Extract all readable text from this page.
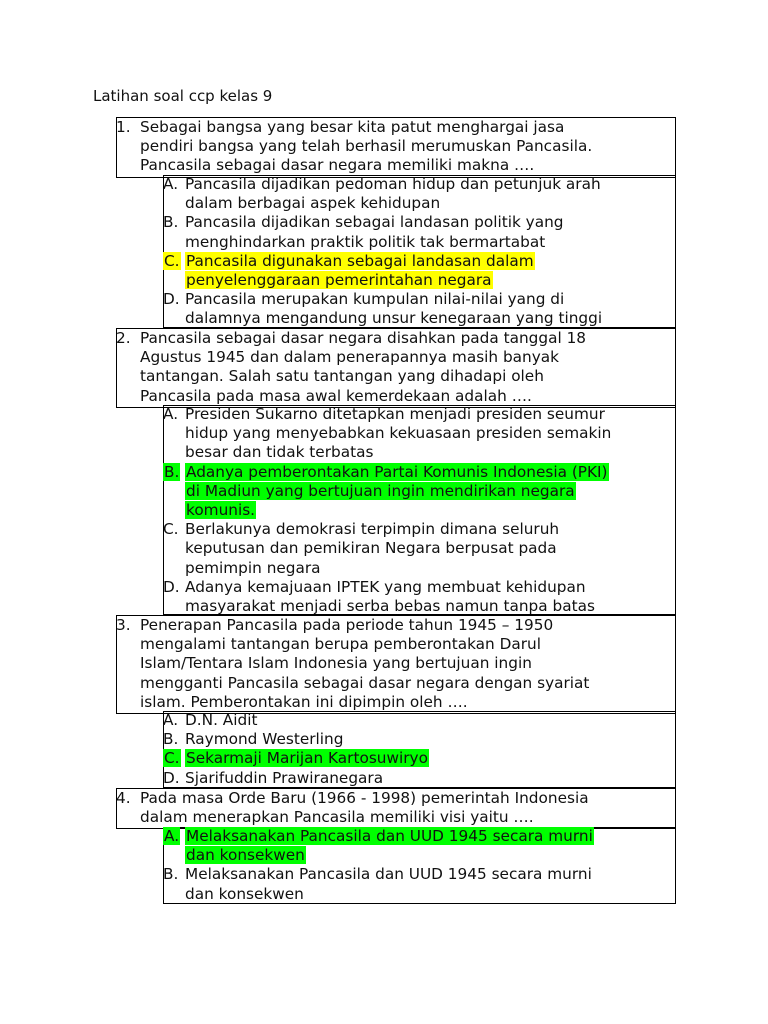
Latihan soal ccp kelas 9
1. Sebagai bangsa yang besar kita patut menghargai jasa
pendiri bangsa yang telah berhasil merumuskan Pancasila.
Pancasila sebagai dasar negara memiliki makna ….
A. Pancasila dijadikan pedoman hidup dan petunjuk arah
dalam berbagai aspek kehidupan
B. Pancasila dijadikan sebagai landasan politik yang
menghindarkan praktik politik tak bermartabat
C. Pancasila digunakan sebagai landasan dalam
penyelenggaraan pemerintahan negara
D. Pancasila merupakan kumpulan nilai-nilai yang di
dalamnya mengandung unsur kenegaraan yang tinggi
2. Pancasila sebagai dasar negara disahkan pada tanggal 18
Agustus 1945 dan dalam penerapannya masih banyak
tantangan. Salah satu tantangan yang dihadapi oleh
Pancasila pada masa awal kemerdekaan adalah ….
A. Presiden Sukarno ditetapkan menjadi presiden seumur
hidup yang menyebabkan kekuasaan presiden semakin
besar dan tidak terbatas
B. Adanya pemberontakan Partai Komunis Indonesia (PKI)
di Madiun yang bertujuan ingin mendirikan negara
komunis.
C. Berlakunya demokrasi terpimpin dimana seluruh
keputusan dan pemikiran Negara berpusat pada
pemimpin negara
D. Adanya kemajuaan IPTEK yang membuat kehidupan
masyarakat menjadi serba bebas namun tanpa batas
3. Penerapan Pancasila pada periode tahun 1945 – 1950
mengalami tantangan berupa pemberontakan Darul
Islam/Tentara Islam Indonesia yang bertujuan ingin
mengganti Pancasila sebagai dasar negara dengan syariat
islam. Pemberontakan ini dipimpin oleh ….
A. D.N. Aidit
B. Raymond Westerling
C. Sekarmaji Marijan Kartosuwiryo
D. Sjarifuddin Prawiranegara
4. Pada masa Orde Baru (1966 - 1998) pemerintah Indonesia
dalam menerapkan Pancasila memiliki visi yaitu ….
A. Melaksanakan Pancasila dan UUD 1945 secara murni
dan konsekwen
B. Melaksanakan Pancasila dan UUD 1945 secara murni
dan konsekwen
